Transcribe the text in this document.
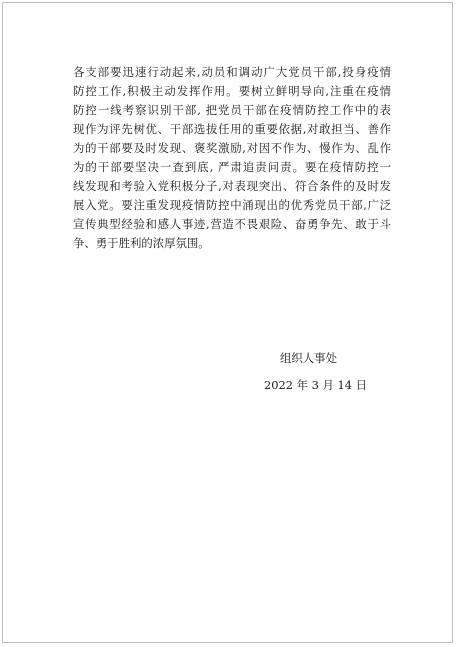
各支部要迅速行动起来,动员和调动广大党员干部,投身疫情
防控工作,积极主动发挥作用。要树立鲜明导向,注重在疫情
防控一线考察识别干部, 把党员干部在疫情防控工作中的表
现作为评先树优、干部选拔任用的重要依据,对敢担当、善作
为的干部要及时发现、褒奖激励,对因不作为、慢作为、乱作
为的干部要坚决一查到底, 严肃追责问责。要在疫情防控一
线发现和考验入党积极分子,对表现突出、符合条件的及时发
展入党。要注重发现疫情防控中涌现出的优秀党员干部,广泛
宣传典型经验和感人事迹,营造不畏艰险、奋勇争先、敢于斗
争、勇于胜利的浓厚氛围。
组织人事处
2022 年 3 月 14 日
